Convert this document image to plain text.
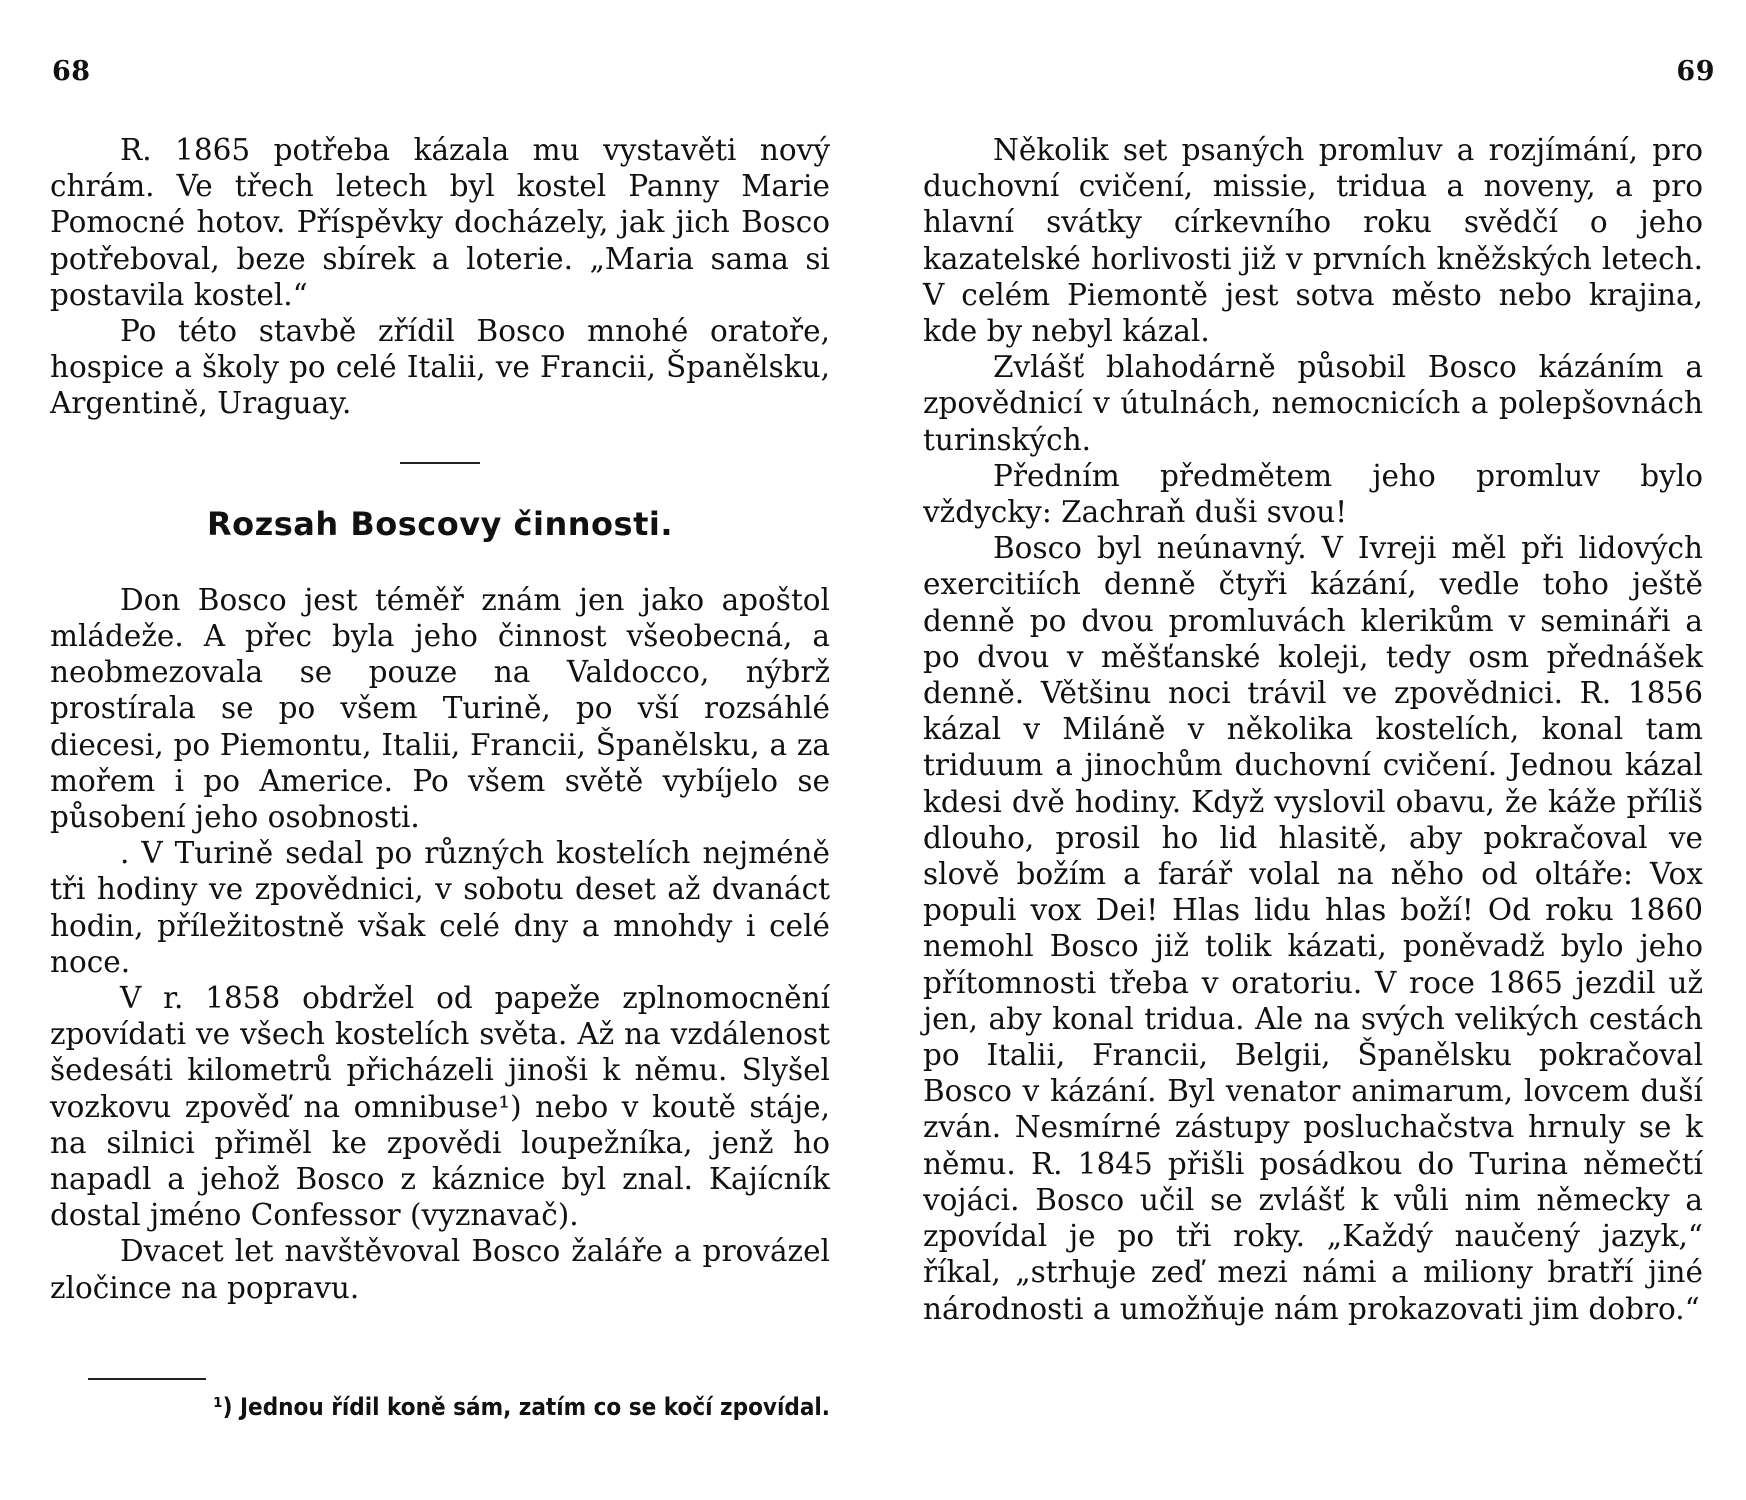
68

R. 1865 potřeba kázala mu vystavěti nový chrám. Ve třech letech byl kostel Panny Marie Pomocné hotov. Příspěvky docházely, jak jich Bosco potřeboval, beze sbírek a loterie. „Maria sama si postavila kostel.“

Po této stavbě zřídil Bosco mnohé oratoře, hospice a školy po celé Italii, ve Francii, Španělsku, Argentině, Uraguay.

Rozsah Boscovy činnosti.

Don Bosco jest téměř znám jen jako apoštol mládeže. A přec byla jeho činnost všeobecná, a neobmezovala se pouze na Valdocco, nýbrž prostírala se po všem Turině, po vší rozsáhlé diecesi, po Piemontu, Italii, Francii, Španělsku, a za mořem i po Americe. Po všem světě vybíjelo se působení jeho osobnosti.

. V Turině sedal po různých kostelích nejméně tři hodiny ve zpovědnici, v sobotu deset až dvanáct hodin, příležitostně však celé dny a mnohdy i celé noce.

V r. 1858 obdržel od papeže zplnomocnění zpovídati ve všech kostelích světa. Až na vzdálenost šedesáti kilometrů přicházeli jinoši k němu. Slyšel vozkovu zpověď na omnibuse¹) nebo v koutě stáje, na silnici přiměl ke zpovědi loupežníka, jenž ho napadl a jehož Bosco z káznice byl znal. Kajícník dostal jméno Confessor (vyznavač).

Dvacet let navštěvoval Bosco žaláře a provázel zločince na popravu.

¹) Jednou řídil koně sám, zatím co se kočí zpovídal.
69

Několik set psaných promluv a rozjímání, pro duchovní cvičení, missie, tridua a noveny, a pro hlavní svátky církevního roku svědčí o jeho kazatelské horlivosti již v prvních kněžských letech. V celém Piemontě jest sotva město nebo krajina, kde by nebyl kázal.

Zvlášť blahodárně působil Bosco kázáním a zpovědnicí v útulnách, nemocnicích a polepšovnách turinských.

Předním předmětem jeho promluv bylo vždycky: Zachraň duši svou!

Bosco byl neúnavný. V Ivreji měl při lidových exercitiích denně čtyři kázání, vedle toho ještě denně po dvou promluvách klerikům v semináři a po dvou v měšťanské koleji, tedy osm přednášek denně. Většinu noci trávil ve zpovědnici. R. 1856 kázal v Miláně v několika kostelích, konal tam triduum a jinochům duchovní cvičení. Jednou kázal kdesi dvě hodiny. Když vyslovil obavu, že káže příliš dlouho, prosil ho lid hlasitě, aby pokračoval ve slově božím a farář volal na něho od oltáře: Vox populi vox Dei! Hlas lidu hlas boží! Od roku 1860 nemohl Bosco již tolik kázati, poněvadž bylo jeho přítomnosti třeba v oratoriu. V roce 1865 jezdil už jen, aby konal tridua. Ale na svých velikých cestách po Italii, Francii, Belgii, Španělsku pokračoval Bosco v kázání. Byl venator animarum, lovcem duší zván. Nesmírné zástupy posluchačstva hrnuly se k němu. R. 1845 přišli posádkou do Turina němečtí vojáci. Bosco učil se zvlášť k vůli nim německy a zpovídal je po tři roky. „Každý naučený jazyk,“ říkal, „strhuje zeď mezi námi a miliony bratří jiné národnosti a umožňuje nám prokazovati jim dobro.“
